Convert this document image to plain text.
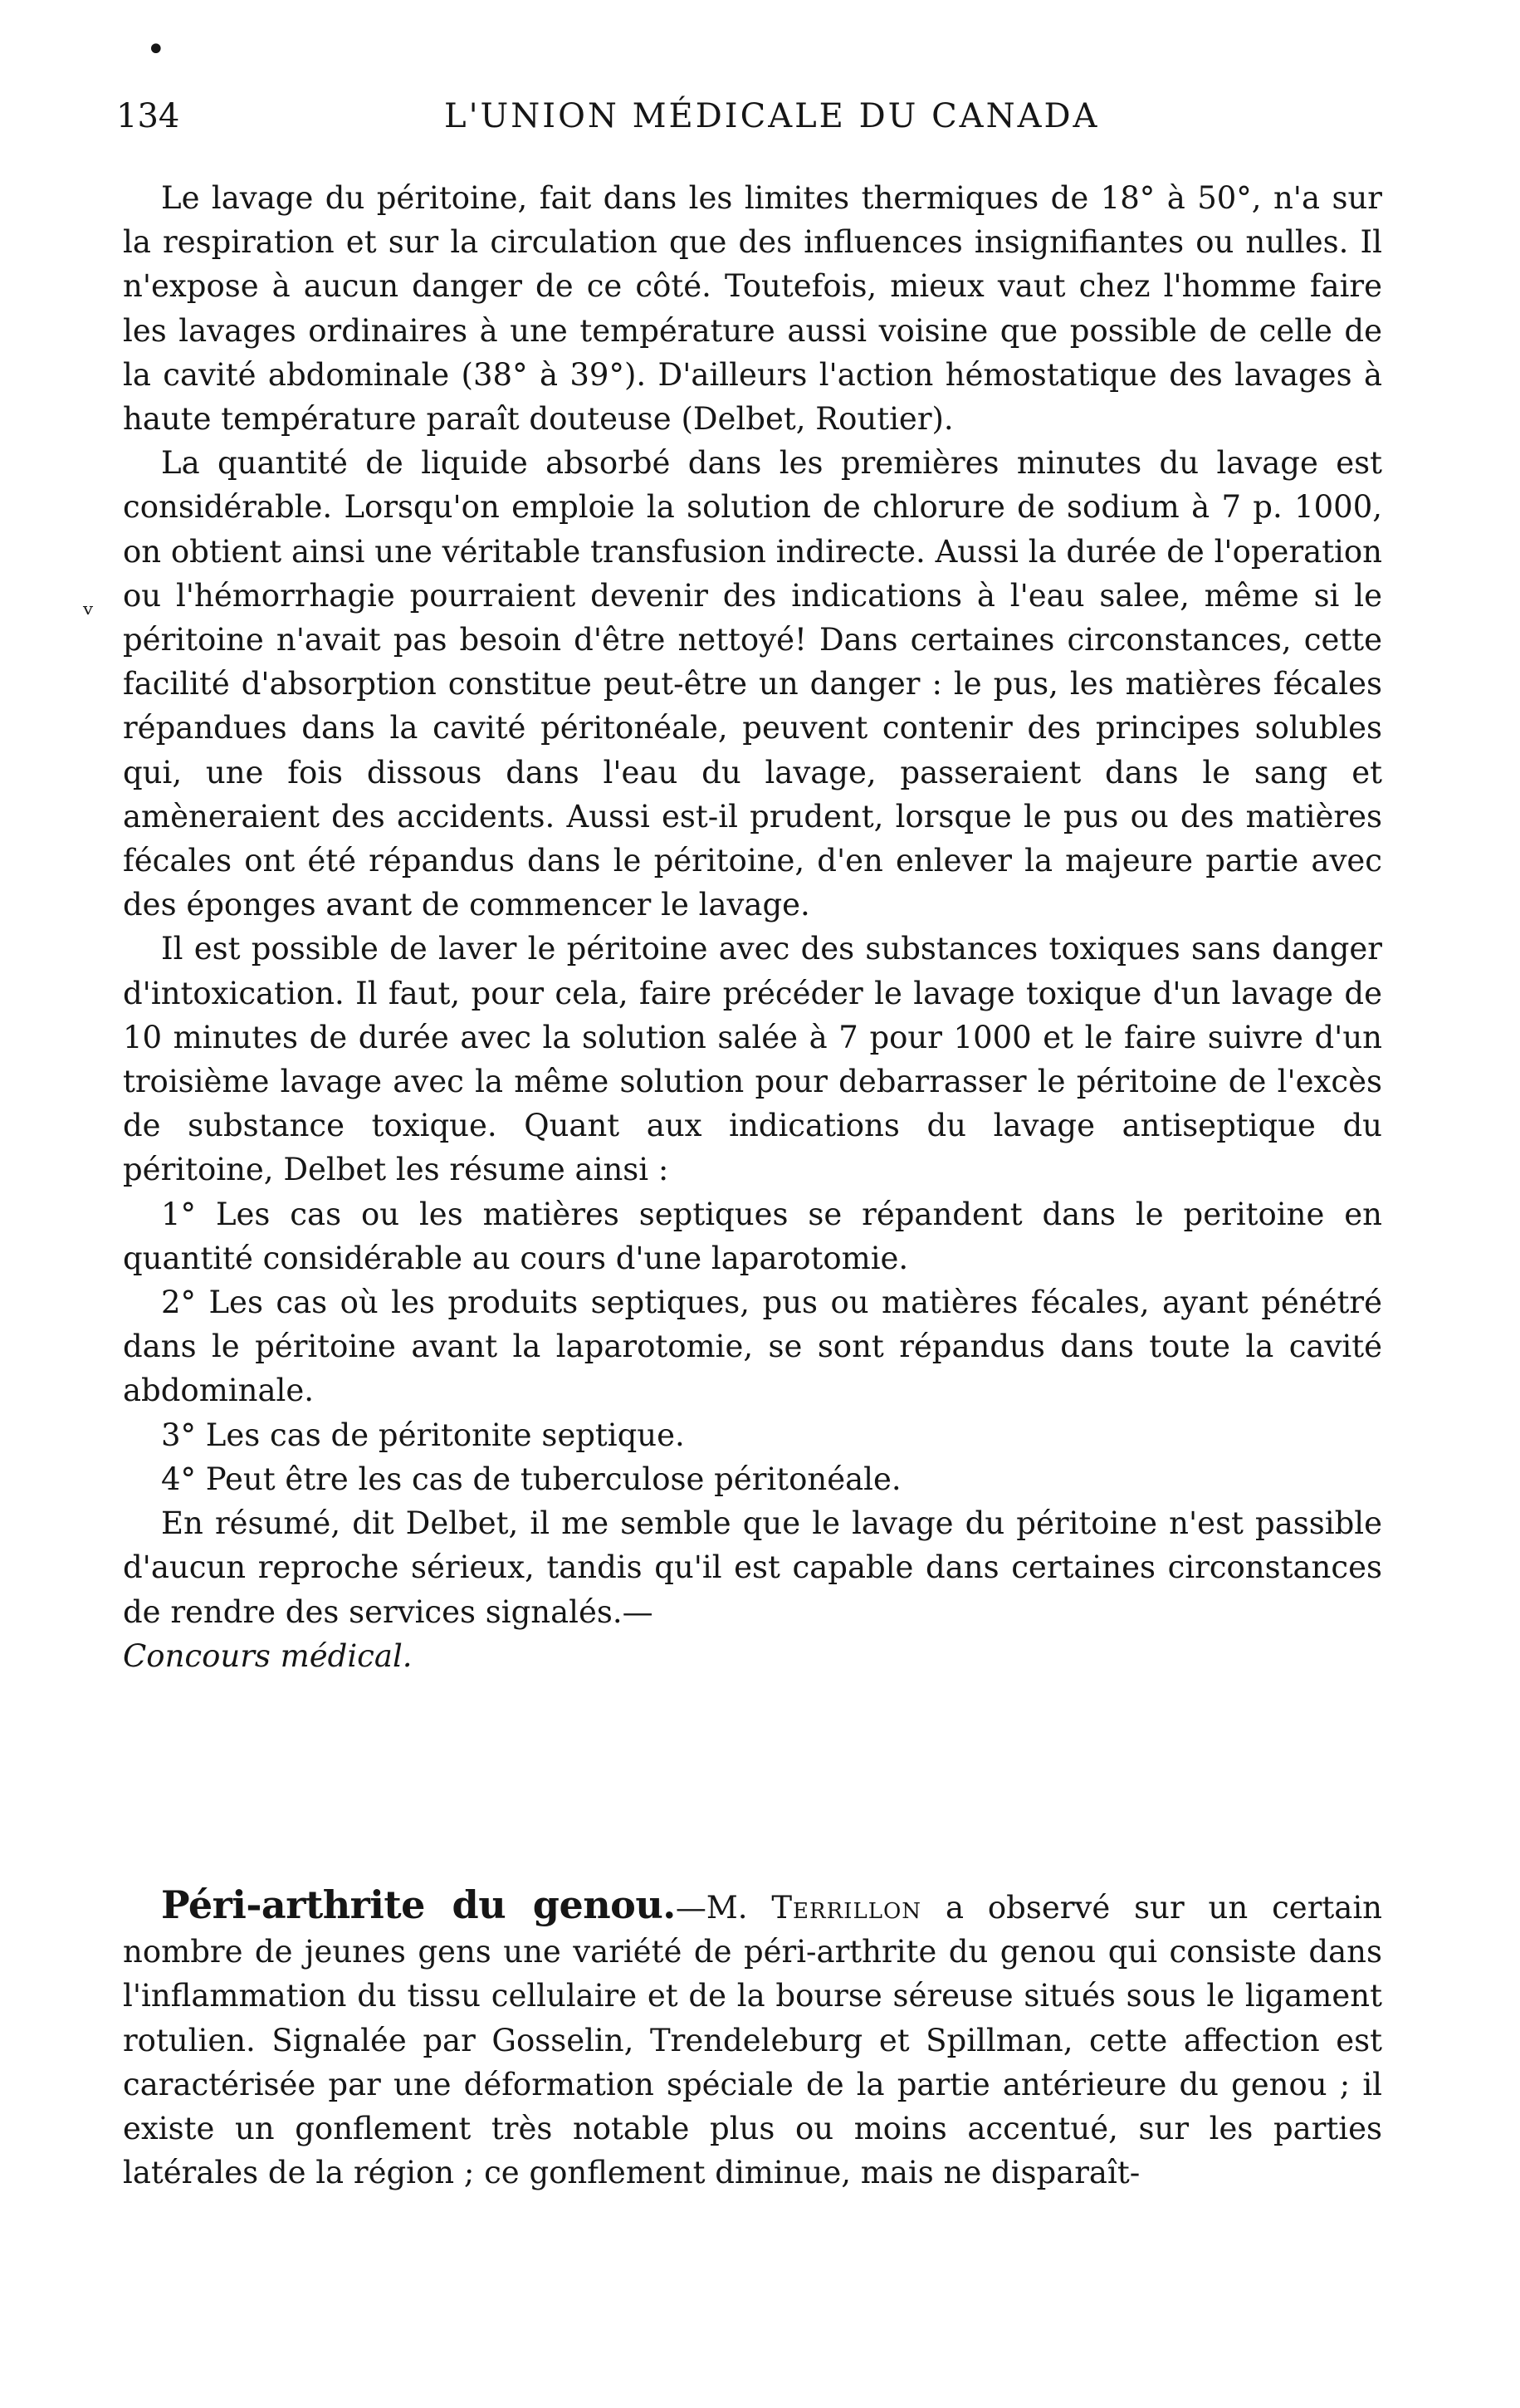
•
ᵛ
134	L'UNION MÉDICALE DU CANADA

Le lavage du péritoine, fait dans les limites thermiques de 18° à 50°, n'a sur la respiration et sur la circulation que des influences insignifiantes ou nulles. Il n'expose à aucun danger de ce côté. Toutefois, mieux vaut chez l'homme faire les lavages ordinaires à une température aussi voisine que possible de celle de la cavité abdominale (38° à 39°). D'ailleurs l'action hémostatique des lavages à haute température paraît douteuse (Delbet, Routier).

La quantité de liquide absorbé dans les premières minutes du lavage est considérable. Lorsqu'on emploie la solution de chlorure de sodium à 7 p. 1000, on obtient ainsi une véritable transfusion indirecte. Aussi la durée de l'operation ou l'hémorrhagie pourraient devenir des indications à l'eau salee, même si le péritoine n'avait pas besoin d'être nettoyé! Dans certaines circonstances, cette facilité d'absorption constitue peut-être un danger : le pus, les matières fécales répandues dans la cavité péritonéale, peuvent contenir des principes solubles qui, une fois dissous dans l'eau du lavage, passeraient dans le sang et amèneraient des accidents. Aussi est-il prudent, lorsque le pus ou des matières fécales ont été répandus dans le péritoine, d'en enlever la majeure partie avec des éponges avant de commencer le lavage.

Il est possible de laver le péritoine avec des substances toxiques sans danger d'intoxication. Il faut, pour cela, faire précéder le lavage toxique d'un lavage de 10 minutes de durée avec la solution salée à 7 pour 1000 et le faire suivre d'un troisième lavage avec la même solution pour debarrasser le péritoine de l'excès de substance toxique. Quant aux indications du lavage antiseptique du péritoine, Delbet les résume ainsi :

1° Les cas ou les matières septiques se répandent dans le peritoine en quantité considérable au cours d'une laparotomie.

2° Les cas où les produits septiques, pus ou matières fécales, ayant pénétré dans le péritoine avant la laparotomie, se sont répandus dans toute la cavité abdominale.

3° Les cas de péritonite septique.

4° Peut être les cas de tuberculose péritonéale.

En résumé, dit Delbet, il me semble que le lavage du péritoine n'est passible d'aucun reproche sérieux, tandis qu'il est capable dans certaines circonstances de rendre des services signalés.—

Concours médical.

Péri-arthrite du genou.—M. Terrillon a observé sur un certain nombre de jeunes gens une variété de péri-arthrite du genou qui consiste dans l'inflammation du tissu cellulaire et de la bourse séreuse situés sous le ligament rotulien. Signalée par Gosselin, Trendeleburg et Spillman, cette affection est caractérisée par une déformation spéciale de la partie antérieure du genou ; il existe un gonflement très notable plus ou moins accentué, sur les parties latérales de la région ; ce gonflement diminue, mais ne disparaît-
